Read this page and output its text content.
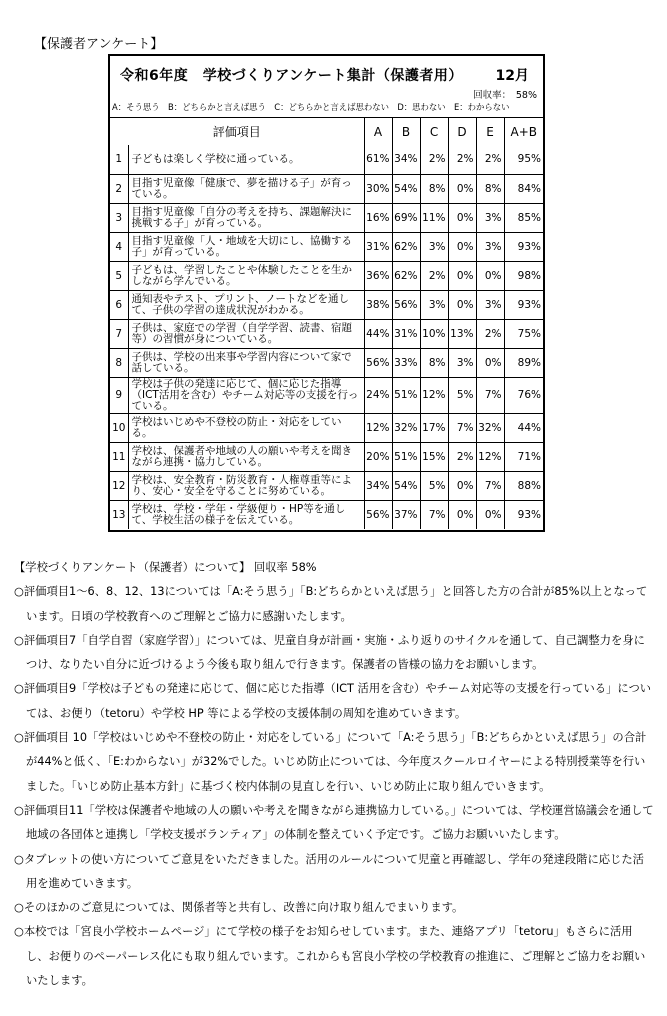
【保護者アンケート】
令和6年度　学校づくりアンケート集計（保護者用） 12月
回収率：　58%
A：そう思う　B：どちらかと言えば思う　C：どちらかと言えば思わない　D：思わない　E：わからない
評価項目		A	B	C	D	E	A+B
1	子どもは楽しく学校に通っている。	61%	34%	2%	2%	2%	95%
2	目指す児童像「健康で、夢を描ける子」が育っている。	30%	54%	8%	0%	8%	84%
3	目指す児童像「自分の考えを持ち、課題解決に挑戦する子」が育っている。	16%	69%	11%	0%	3%	85%
4	目指す児童像「人・地域を大切にし、協働する子」が育っている。	31%	62%	3%	0%	3%	93%
5	子どもは、学習したことや体験したことを生かしながら学んでいる。	36%	62%	2%	0%	0%	98%
6	通知表やテスト、プリント、ノートなどを通して、子供の学習の達成状況がわかる。	38%	56%	3%	0%	3%	93%
7	子供は、家庭での学習（自学学習、読書、宿題等）の習慣が身についている。	44%	31%	10%	13%	2%	75%
8	子供は、学校の出来事や学習内容について家で話している。	56%	33%	8%	3%	0%	89%
9	学校は子供の発達に応じて、個に応じた指導（ICT活用を含む）やチーム対応等の支援を行っている。	24%	51%	12%	5%	7%	76%
10	学校はいじめや不登校の防止・対応をしている。	12%	32%	17%	7%	32%	44%
11	学校は、保護者や地域の人の願いや考えを聞きながら連携・協力している。	20%	51%	15%	2%	12%	71%
12	学校は、安全教育・防災教育・人権尊重等により、安心・安全を守ることに努めている。	34%	54%	5%	0%	7%	88%
13	学校は、学校・学年・学級便り・HP等を通して、学校生活の様子を伝えている。	56%	37%	7%	0%	0%	93%

【学校づくりアンケート（保護者）について】 回収率 58%

○評価項目1～6、8、12、13については「A:そう思う」「B:どちらかといえば思う」と回答した方の合計が85%以上となっています。日頃の学校教育へのご理解とご協力に感謝いたします。

○評価項目7「自学自習（家庭学習）」については、児童自身が計画・実施・ふり返りのサイクルを通して、自己調整力を身につけ、なりたい自分に近づけるよう今後も取り組んで行きます。保護者の皆様の協力をお願いします。

○評価項目9「学校は子どもの発達に応じて、個に応じた指導（ICT 活用を含む）やチーム対応等の支援を行っている」については、お便り（tetoru）や学校 HP 等による学校の支援体制の周知を進めていきます。

○評価項目 10「学校はいじめや不登校の防止・対応をしている」について「A:そう思う」「B:どちらかといえば思う」の合計が44%と低く、「E:わからない」が32%でした。いじめ防止については、今年度スクールロイヤーによる特別授業等を行いました。「いじめ防止基本方針」に基づく校内体制の見直しを行い、いじめ防止に取り組んでいきます。

○評価項目11「学校は保護者や地域の人の願いや考えを聞きながら連携協力している。」については、学校運営協議会を通して地域の各団体と連携し「学校支援ボランティア」の体制を整えていく予定です。ご協力お願いいたします。

○タブレットの使い方についてご意見をいただきました。活用のルールについて児童と再確認し、学年の発達段階に応じた活用を進めていきます。

○そのほかのご意見については、関係者等と共有し、改善に向け取り組んでまいります。

○本校では「宮良小学校ホームページ」にて学校の様子をお知らせしています。また、連絡アプリ「tetoru」もさらに活用し、お便りのペーパーレス化にも取り組んでいます。これからも宮良小学校の学校教育の推進に、ご理解とご協力をお願いいたします。
